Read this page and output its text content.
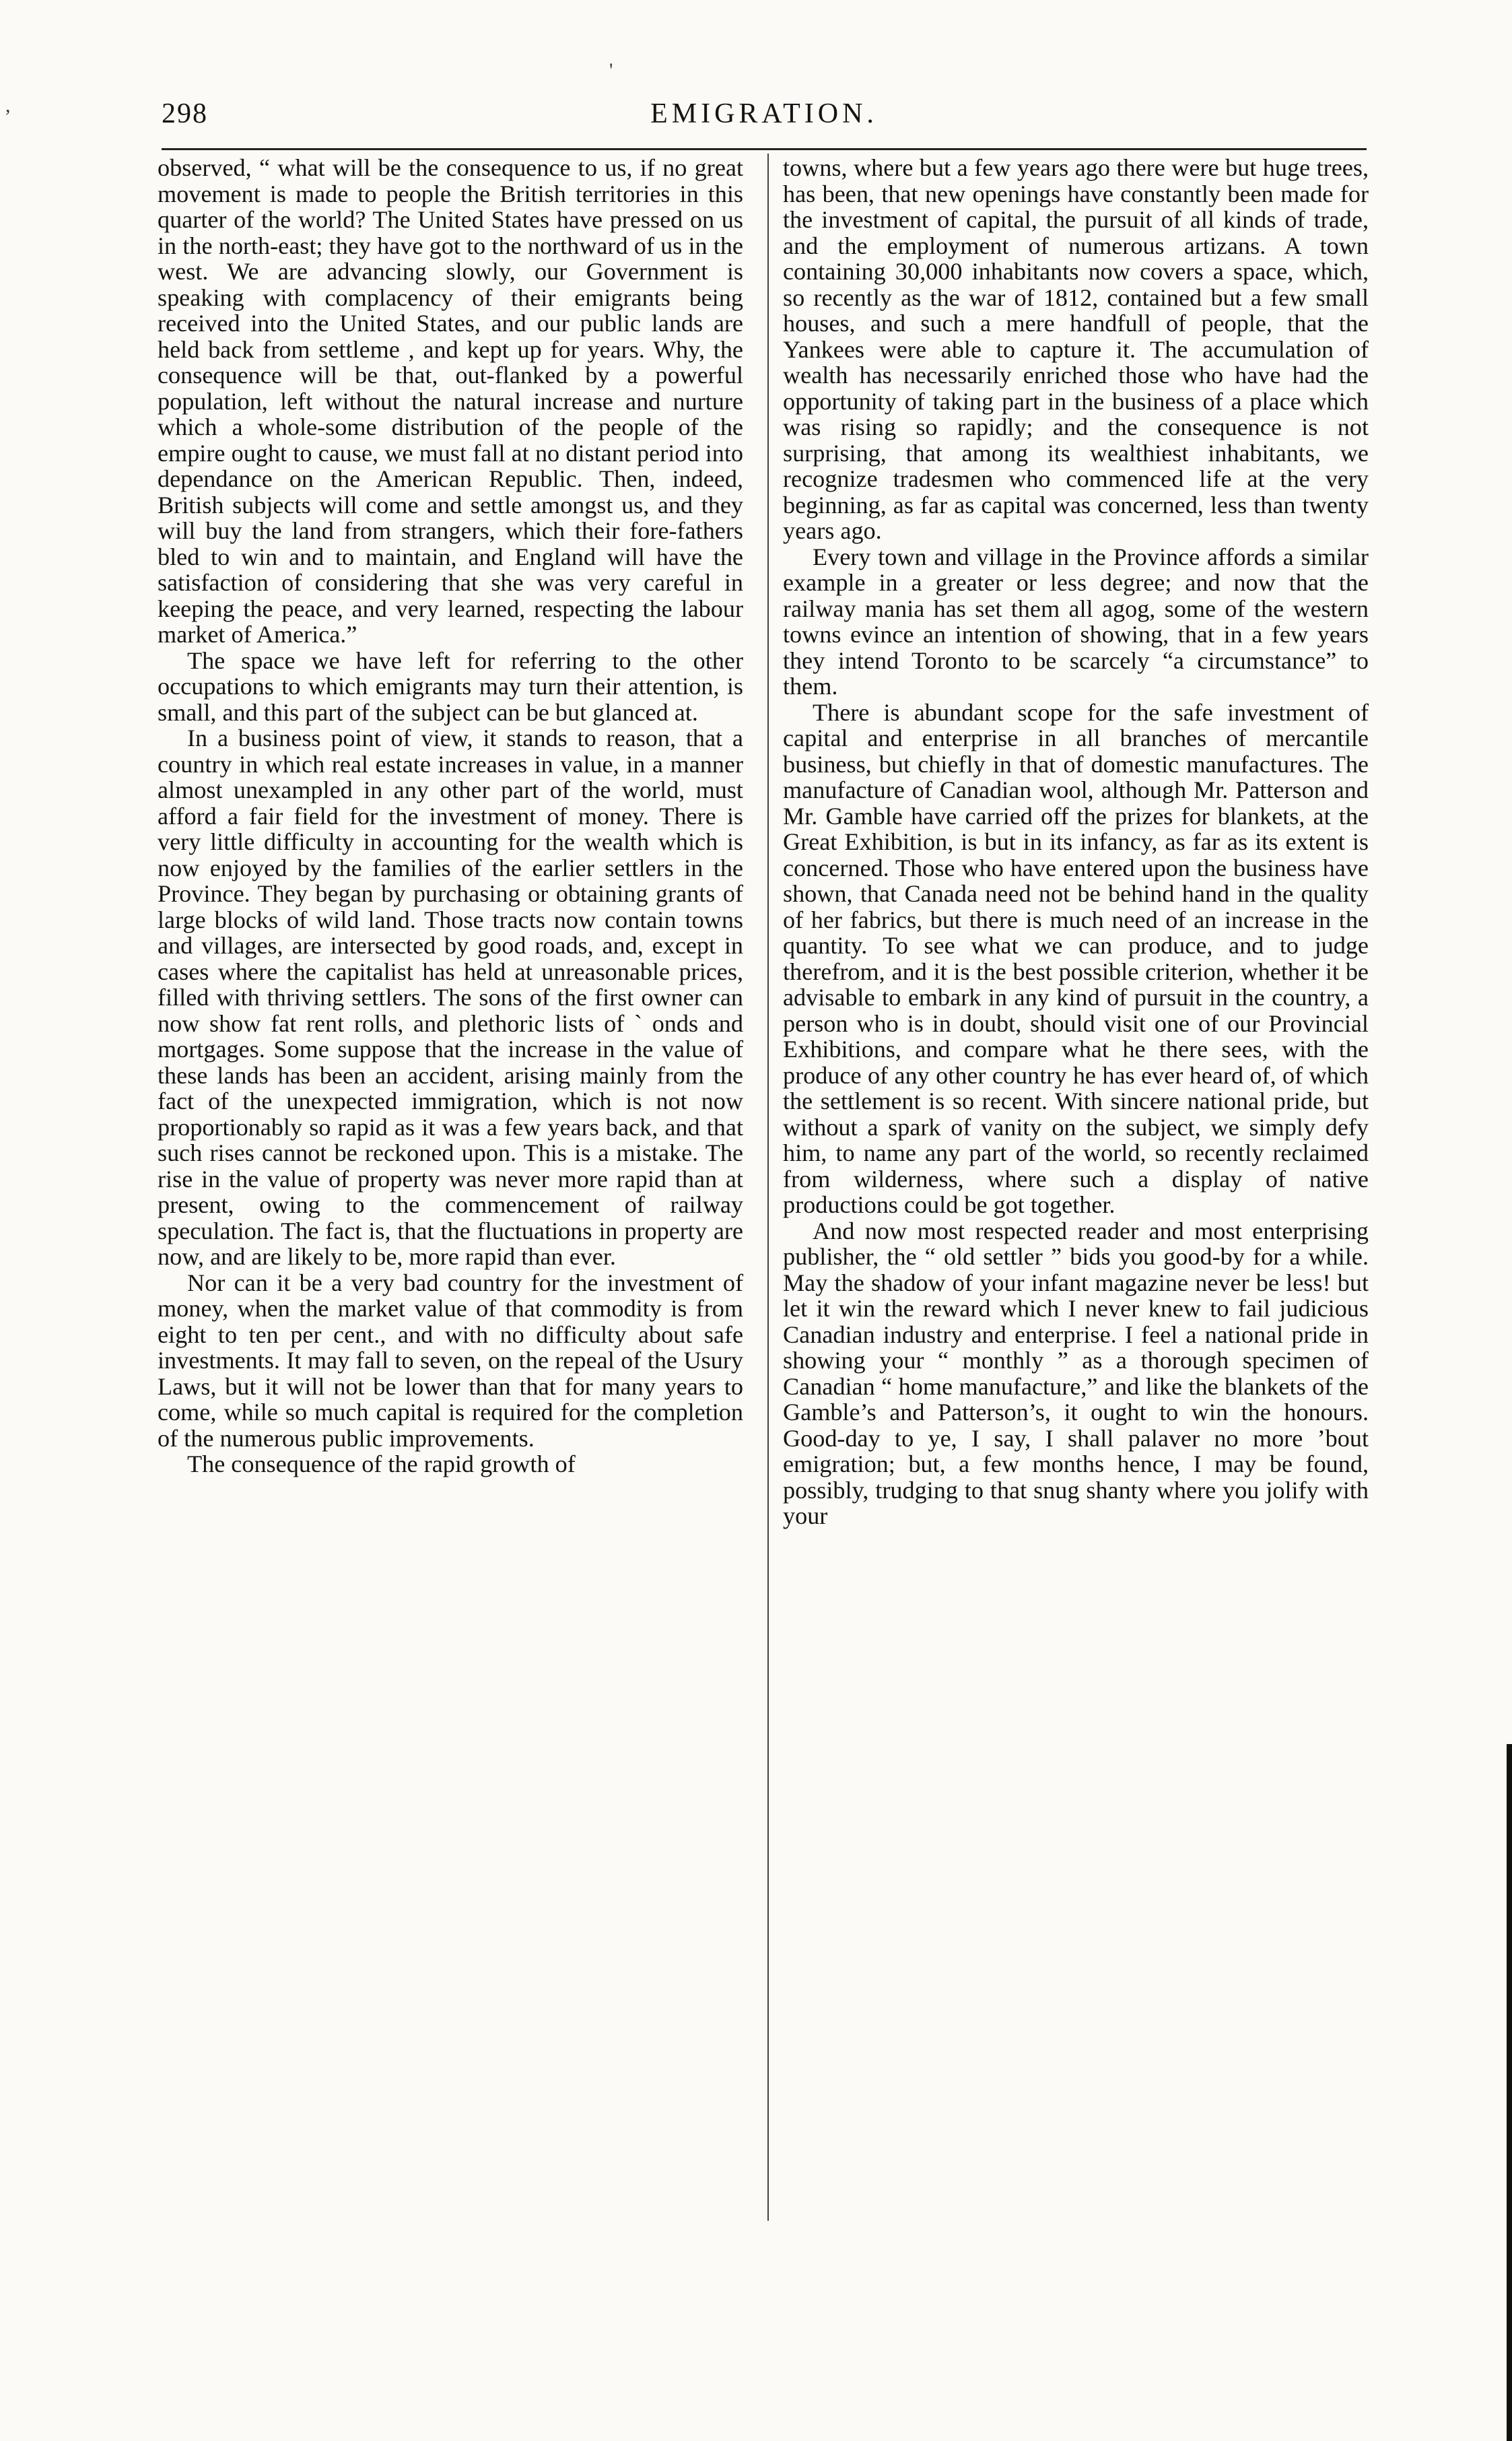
'
,	298	EMIGRATION.

observed, “ what will be the consequence to us, if no great movement is made to people the British territories in this quarter of the world? The United States have pressed on us in the north-east; they have got to the northward of us in the west. We are advancing slowly, our Government is speaking with complacency of their emigrants being received into the United States, and our public lands are held back from settleme , and kept up for years. Why, the consequence will be that, out-flanked by a powerful population, left without the natural increase and nurture which a whole-some distribution of the people of the empire ought to cause, we must fall at no distant period into dependance on the American Republic. Then, indeed, British subjects will come and settle amongst us, and they will buy the land from strangers, which their fore-fathers bled to win and to maintain, and England will have the satisfaction of considering that she was very careful in keeping the peace, and very learned, respecting the labour market of America.”

The space we have left for referring to the other occupations to which emigrants may turn their attention, is small, and this part of the subject can be but glanced at.

In a business point of view, it stands to reason, that a country in which real estate increases in value, in a manner almost unexampled in any other part of the world, must afford a fair field for the investment of money. There is very little difficulty in accounting for the wealth which is now enjoyed by the families of the earlier settlers in the Province. They began by purchasing or obtaining grants of large blocks of wild land. Those tracts now contain towns and villages, are intersected by good roads, and, except in cases where the capitalist has held at unreasonable prices, filled with thriving settlers. The sons of the first owner can now show fat rent rolls, and plethoric lists of ` onds and mortgages. Some suppose that the increase in the value of these lands has been an accident, arising mainly from the fact of the unexpected immigration, which is not now proportionably so rapid as it was a few years back, and that such rises cannot be reckoned upon. This is a mistake. The rise in the value of property was never more rapid than at present, owing to the commencement of railway speculation. The fact is, that the fluctuations in property are now, and are likely to be, more rapid than ever.

Nor can it be a very bad country for the investment of money, when the market value of that commodity is from eight to ten per cent., and with no difficulty about safe investments. It may fall to seven, on the repeal of the Usury Laws, but it will not be lower than that for many years to come, while so much capital is required for the completion of the numerous public improvements.

The consequence of the rapid growth of

towns, where but a few years ago there were but huge trees, has been, that new openings have constantly been made for the investment of capital, the pursuit of all kinds of trade, and the employment of numerous artizans. A town containing 30,000 inhabitants now covers a space, which, so recently as the war of 1812, contained but a few small houses, and such a mere handfull of people, that the Yankees were able to capture it. The accumulation of wealth has necessarily enriched those who have had the opportunity of taking part in the business of a place which was rising so rapidly; and the consequence is not surprising, that among its wealthiest inhabitants, we recognize tradesmen who commenced life at the very beginning, as far as capital was concerned, less than twenty years ago.

Every town and village in the Province affords a similar example in a greater or less degree; and now that the railway mania has set them all agog, some of the western towns evince an intention of showing, that in a few years they intend Toronto to be scarcely “a circumstance” to them.

There is abundant scope for the safe investment of capital and enterprise in all branches of mercantile business, but chiefly in that of domestic manufactures. The manufacture of Canadian wool, although Mr. Patterson and Mr. Gamble have carried off the prizes for blankets, at the Great Exhibition, is but in its infancy, as far as its extent is concerned. Those who have entered upon the business have shown, that Canada need not be behind hand in the quality of her fabrics, but there is much need of an increase in the quantity. To see what we can produce, and to judge therefrom, and it is the best possible criterion, whether it be advisable to embark in any kind of pursuit in the country, a person who is in doubt, should visit one of our Provincial Exhibitions, and compare what he there sees, with the produce of any other country he has ever heard of, of which the settlement is so recent. With sincere national pride, but without a spark of vanity on the subject, we simply defy him, to name any part of the world, so recently reclaimed from wilderness, where such a display of native productions could be got together.

And now most respected reader and most enterprising publisher, the “ old settler ” bids you good-by for a while. May the shadow of your infant magazine never be less! but let it win the reward which I never knew to fail judicious Canadian industry and enterprise. I feel a national pride in showing your “ monthly ” as a thorough specimen of Canadian “ home manufacture,” and like the blankets of the Gamble’s and Patterson’s, it ought to win the honours. Good-day to ye, I say, I shall palaver no more ’bout emigration; but, a few months hence, I may be found, possibly, trudging to that snug shanty where you jolify with your
